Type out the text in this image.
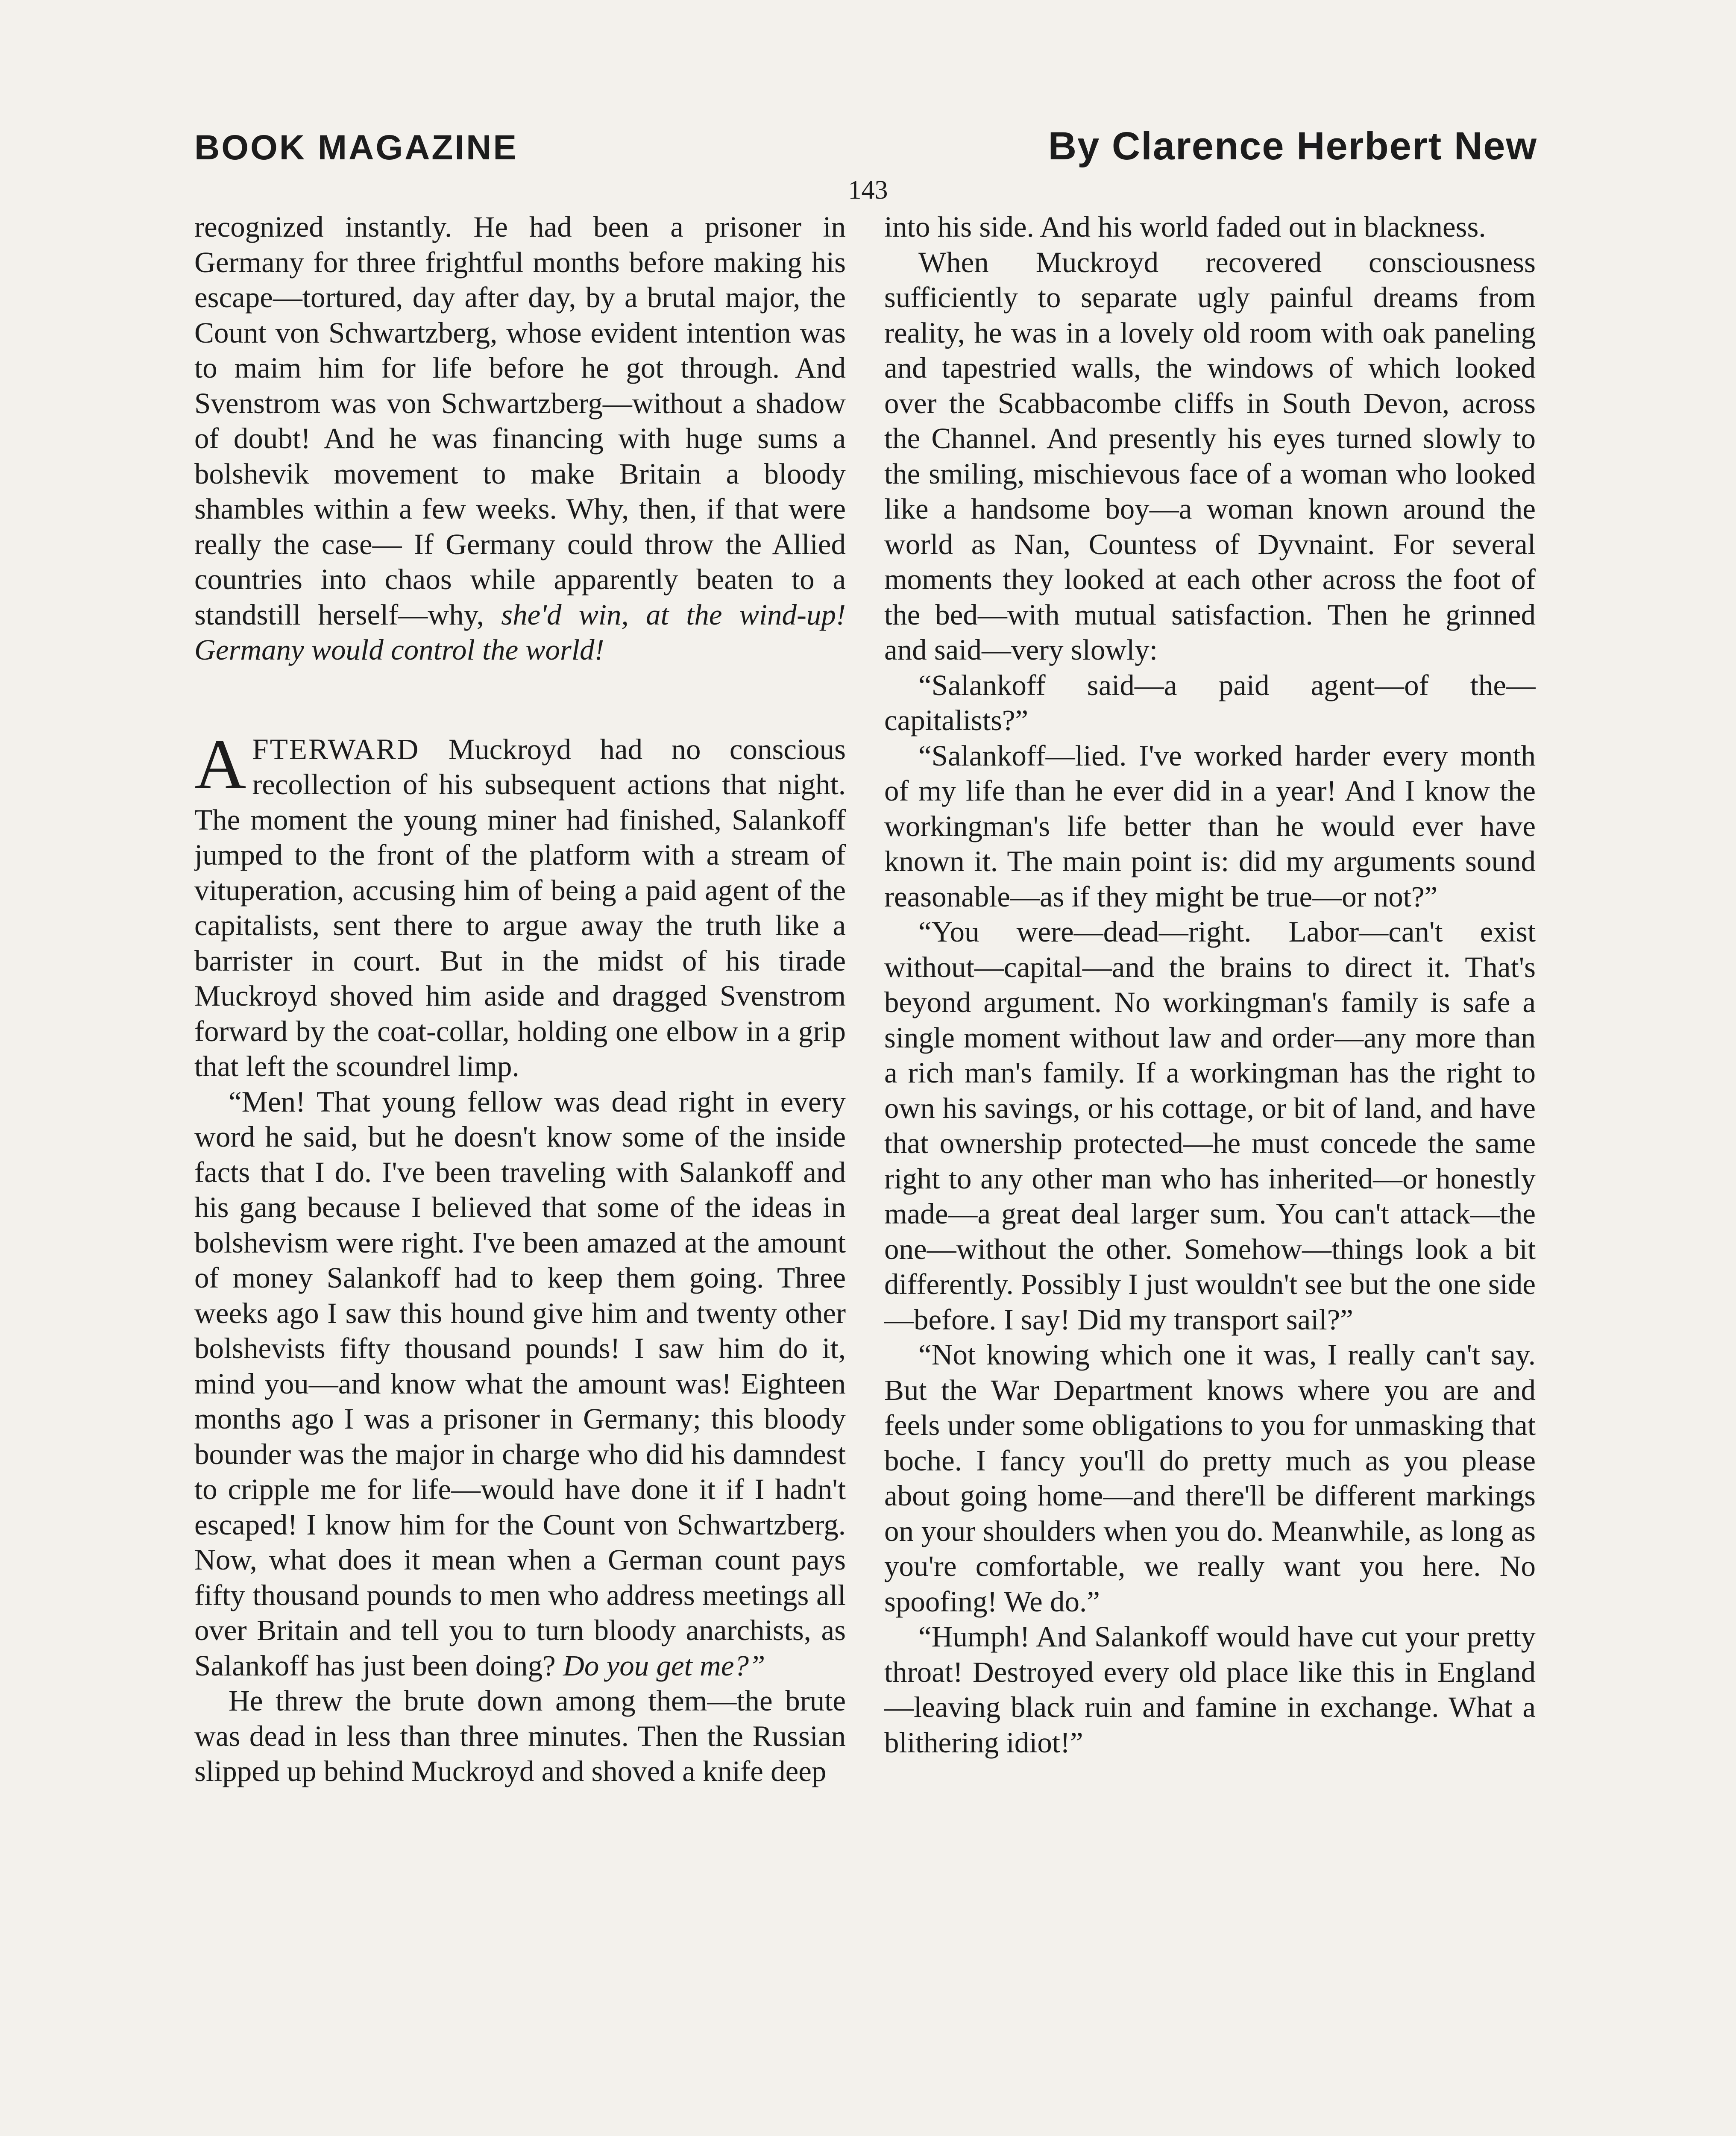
BOOK MAGAZINE	By Clarence Herbert New
143

recognized instantly. He had been a prisoner in Germany for three frightful months before making his escape—tortured, day after day, by a brutal major, the Count von Schwartzberg, whose evident intention was to maim him for life before he got through. And Svenstrom was von Schwartzberg—without a shadow of doubt! And he was financing with huge sums a bolshevik movement to make Britain a bloody shambles within a few weeks. Why, then, if that were really the case— If Germany could throw the Allied countries into chaos while apparently beaten to a standstill herself—why, she'd win, at the wind-up! Germany would control the world!

AFTERWARD Muckroyd had no conscious recollection of his subsequent actions that night. The moment the young miner had finished, Salankoff jumped to the front of the platform with a stream of vituperation, accusing him of being a paid agent of the capitalists, sent there to argue away the truth like a barrister in court. But in the midst of his tirade Muckroyd shoved him aside and dragged Svenstrom forward by the coat-collar, holding one elbow in a grip that left the scoundrel limp.

“Men! That young fellow was dead right in every word he said, but he doesn't know some of the inside facts that I do. I've been traveling with Salankoff and his gang because I believed that some of the ideas in bolshevism were right. I've been amazed at the amount of money Salankoff had to keep them going. Three weeks ago I saw this hound give him and twenty other bolshevists fifty thousand pounds! I saw him do it, mind you—and know what the amount was! Eighteen months ago I was a prisoner in Germany; this bloody bounder was the major in charge who did his damndest to cripple me for life—would have done it if I hadn't escaped! I know him for the Count von Schwartzberg. Now, what does it mean when a German count pays fifty thousand pounds to men who address meetings all over Britain and tell you to turn bloody anarchists, as Salankoff has just been doing? Do you get me?”

He threw the brute down among them—the brute was dead in less than three minutes. Then the Russian slipped up behind Muckroyd and shoved a knife deep

into his side. And his world faded out in blackness.

When Muckroyd recovered consciousness sufficiently to separate ugly painful dreams from reality, he was in a lovely old room with oak paneling and tapestried walls, the windows of which looked over the Scabbacombe cliffs in South Devon, across the Channel. And presently his eyes turned slowly to the smiling, mischievous face of a woman who looked like a handsome boy—a woman known around the world as Nan, Countess of Dyvnaint. For several moments they looked at each other across the foot of the bed—with mutual satisfaction. Then he grinned and said—very slowly:

“Salankoff said—a paid agent—of the—capitalists?”

“Salankoff—lied. I've worked harder every month of my life than he ever did in a year! And I know the workingman's life better than he would ever have known it. The main point is: did my arguments sound reasonable—as if they might be true—or not?”

“You were—dead—right. Labor—can't exist without—capital—and the brains to direct it. That's beyond argument. No workingman's family is safe a single moment without law and order—any more than a rich man's family. If a workingman has the right to own his savings, or his cottage, or bit of land, and have that ownership protected—he must concede the same right to any other man who has inherited—or honestly made—a great deal larger sum. You can't attack—the one—without the other. Somehow—things look a bit differently. Possibly I just wouldn't see but the one side—before. I say! Did my transport sail?”

“Not knowing which one it was, I really can't say. But the War Department knows where you are and feels under some obligations to you for unmasking that boche. I fancy you'll do pretty much as you please about going home—and there'll be different markings on your shoulders when you do. Meanwhile, as long as you're comfortable, we really want you here. No spoofing! We do.”

“Humph! And Salankoff would have cut your pretty throat! Destroyed every old place like this in England—leaving black ruin and famine in exchange. What a blithering idiot!”
